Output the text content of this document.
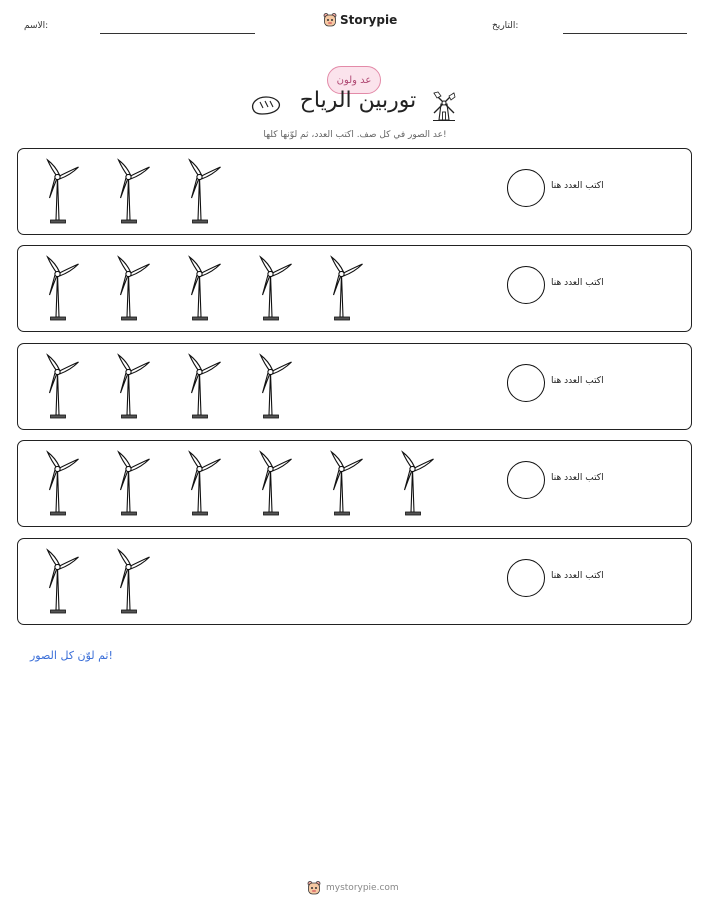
الاسم:	Storypie	التاريخ:
عد ولون
توربين الرياح
عد الصور في كل صف. اكتب العدد، ثم لوّنها كلها!
اكتب العدد هنا
اكتب العدد هنا
اكتب العدد هنا
اكتب العدد هنا
اكتب العدد هنا
ثم لوّن كل الصور!
mystorypie.com
